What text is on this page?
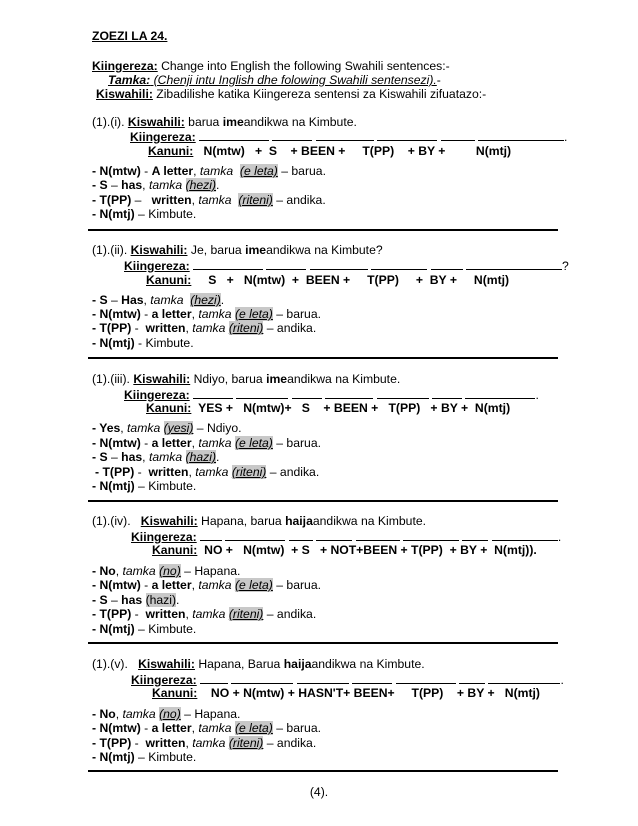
ZOEZI LA 24.
Kiingereza: Change into English the following Swahili sentences:-
Tamka: (Chenji intu Inglish dhe folowing Swahili sentensezi).-
Kiswahili: Zibadilishe katika Kiingereza sentensi za Kiswahili zifuatazo:-
(1).(i). Kiswahili: barua imeandikwa na Kimbute.
Kiingereza:	.
Kanuni: N(mtw)   +  S    + BEEN +     T(PP)    + BY +         N(mtj)
- N(mtw) - A letter, tamka (e leta) – barua.
- S – has, tamka (hezi).
- T(PP) –   written, tamka (riteni) – andika.
- N(mtj) – Kimbute.
(1).(ii). Kiswahili: Je, barua imeandikwa na Kimbute?
Kiingereza:	?
Kanuni: S   +   N(mtw)  +  BEEN +     T(PP)     +  BY +     N(mtj)
- S – Has, tamka (hezi).
- N(mtw) - a letter, tamka (e leta) – barua.
- T(PP) -  written, tamka (riteni) – andika.
- N(mtj) - Kimbute.
(1).(iii). Kiswahili: Ndiyo, barua imeandikwa na Kimbute.
Kiingereza:	.
Kanuni: YES +   N(mtw)+   S    + BEEN +   T(PP)   + BY +  N(mtj)
- Yes, tamka (yesi) – Ndiyo.
- N(mtw) - a letter, tamka (e leta) – barua.
- S – has, tamka (hazi).
- T(PP) -  written, tamka (riteni) – andika.
- N(mtj) – Kimbute.
(1).(iv). Kiswahili: Hapana, barua haijaandikwa na Kimbute.
Kiingereza:	.
Kanuni: NO +   N(mtw)  + S   + NOT+BEEN + T(PP)  + BY +  N(mtj)).
- No, tamka (no) – Hapana.
- N(mtw) - a letter, tamka (e leta) – barua.
- S – has (hazi).
- T(PP) -  written, tamka (riteni) – andika.
- N(mtj) – Kimbute.
(1).(v). Kiswahili: Hapana, Barua haijaandikwa na Kimbute.
Kiingereza:	.
Kanuni: NO + N(mtw) + HASN'T+ BEEN+     T(PP)    + BY +   N(mtj)
- No, tamka (no) – Hapana.
- N(mtw) - a letter, tamka (e leta) – barua.
- T(PP) -  written, tamka (riteni) – andika.
- N(mtj) – Kimbute.
(4).
